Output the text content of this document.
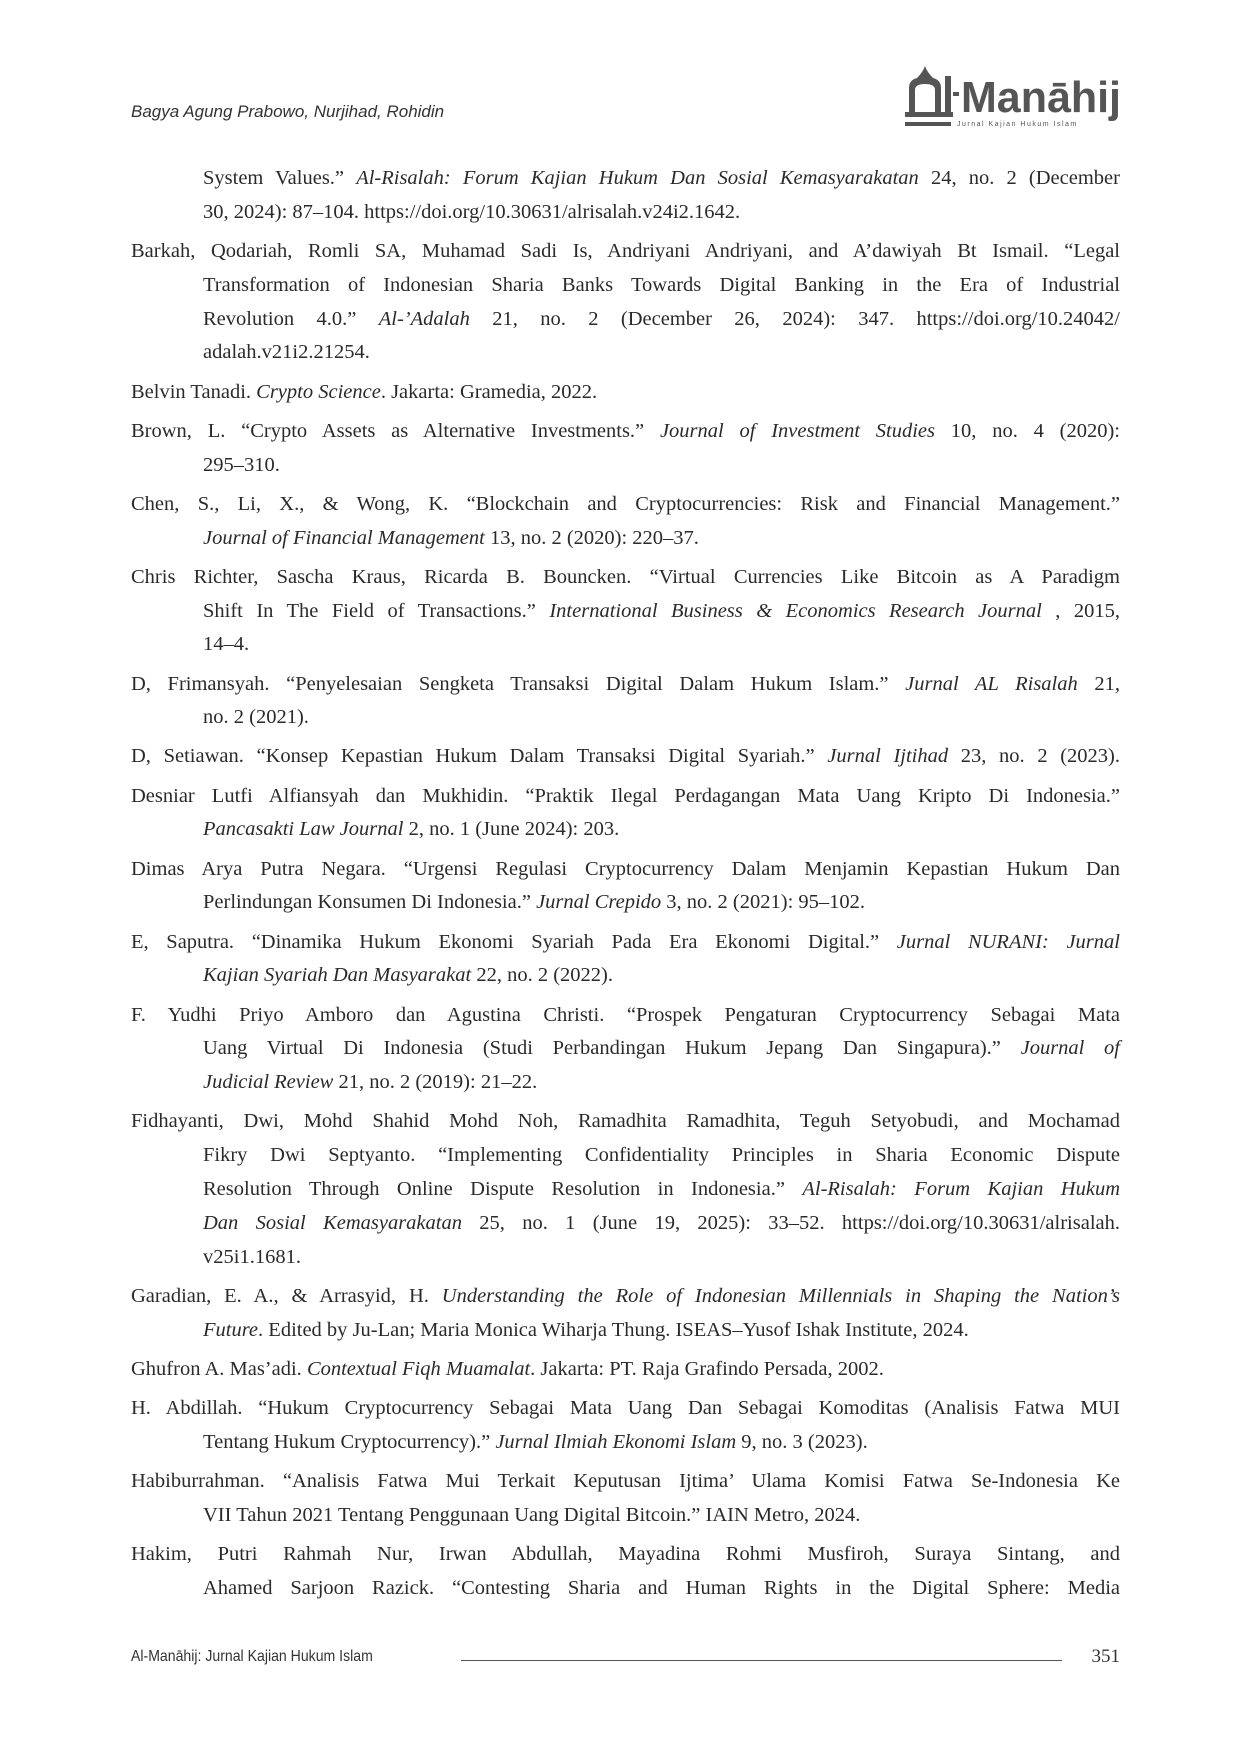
Bagya Agung Prabowo, Nurjihad, Rohidin	Manāhij
Jurnal Kajian Hukum Islam
System Values.” Al-Risalah: Forum Kajian Hukum Dan Sosial Kemasyarakatan 24, no. 2 (December
30, 2024): 87–104. https://doi.org/10.30631/alrisalah.v24i2.1642.
Barkah, Qodariah, Romli SA, Muhamad Sadi Is, Andriyani Andriyani, and A’dawiyah Bt Ismail. “Legal
Transformation of Indonesian Sharia Banks Towards Digital Banking in the Era of Industrial
Revolution 4.0.” Al-’Adalah 21, no. 2 (December 26, 2024): 347. https://doi.org/10.24042/
adalah.v21i2.21254.
Belvin Tanadi. Crypto Science. Jakarta: Gramedia, 2022.
Brown, L. “Crypto Assets as Alternative Investments.” Journal of Investment Studies 10, no. 4 (2020):
295–310.
Chen, S., Li, X., & Wong, K. “Blockchain and Cryptocurrencies: Risk and Financial Management.”
Journal of Financial Management 13, no. 2 (2020): 220–37.
Chris Richter, Sascha Kraus, Ricarda B. Bouncken. “Virtual Currencies Like Bitcoin as A Paradigm
Shift In The Field of Transactions.” International Business & Economics Research Journal , 2015,
14–4.
D, Frimansyah. “Penyelesaian Sengketa Transaksi Digital Dalam Hukum Islam.” Jurnal AL Risalah 21,
no. 2 (2021).
D, Setiawan. “Konsep Kepastian Hukum Dalam Transaksi Digital Syariah.” Jurnal Ijtihad 23, no. 2 (2023).
Desniar Lutfi Alfiansyah dan Mukhidin. “Praktik Ilegal Perdagangan Mata Uang Kripto Di Indonesia.”
Pancasakti Law Journal 2, no. 1 (June 2024): 203.
Dimas Arya Putra Negara. “Urgensi Regulasi Cryptocurrency Dalam Menjamin Kepastian Hukum Dan
Perlindungan Konsumen Di Indonesia.” Jurnal Crepido 3, no. 2 (2021): 95–102.
E, Saputra. “Dinamika Hukum Ekonomi Syariah Pada Era Ekonomi Digital.” Jurnal NURANI: Jurnal
Kajian Syariah Dan Masyarakat 22, no. 2 (2022).
F. Yudhi Priyo Amboro dan Agustina Christi. “Prospek Pengaturan Cryptocurrency Sebagai Mata
Uang Virtual Di Indonesia (Studi Perbandingan Hukum Jepang Dan Singapura).” Journal of
Judicial Review 21, no. 2 (2019): 21–22.
Fidhayanti, Dwi, Mohd Shahid Mohd Noh, Ramadhita Ramadhita, Teguh Setyobudi, and Mochamad
Fikry Dwi Septyanto. “Implementing Confidentiality Principles in Sharia Economic Dispute
Resolution Through Online Dispute Resolution in Indonesia.” Al-Risalah: Forum Kajian Hukum
Dan Sosial Kemasyarakatan 25, no. 1 (June 19, 2025): 33–52. https://doi.org/10.30631/alrisalah.
v25i1.1681.
Garadian, E. A., & Arrasyid, H. Understanding the Role of Indonesian Millennials in Shaping the Nation’s
Future. Edited by Ju-Lan; Maria Monica Wiharja Thung. ISEAS–Yusof Ishak Institute, 2024.
Ghufron A. Mas’adi. Contextual Fiqh Muamalat. Jakarta: PT. Raja Grafindo Persada, 2002.
H. Abdillah. “Hukum Cryptocurrency Sebagai Mata Uang Dan Sebagai Komoditas (Analisis Fatwa MUI
Tentang Hukum Cryptocurrency).” Jurnal Ilmiah Ekonomi Islam 9, no. 3 (2023).
Habiburrahman. “Analisis Fatwa Mui Terkait Keputusan Ijtima’ Ulama Komisi Fatwa Se-Indonesia Ke
VII Tahun 2021 Tentang Penggunaan Uang Digital Bitcoin.” IAIN Metro, 2024.
Hakim, Putri Rahmah Nur, Irwan Abdullah, Mayadina Rohmi Musfiroh, Suraya Sintang, and
Ahamed Sarjoon Razick. “Contesting Sharia and Human Rights in the Digital Sphere: Media
Al-Manāhij: Jurnal Kajian Hukum Islam	351
